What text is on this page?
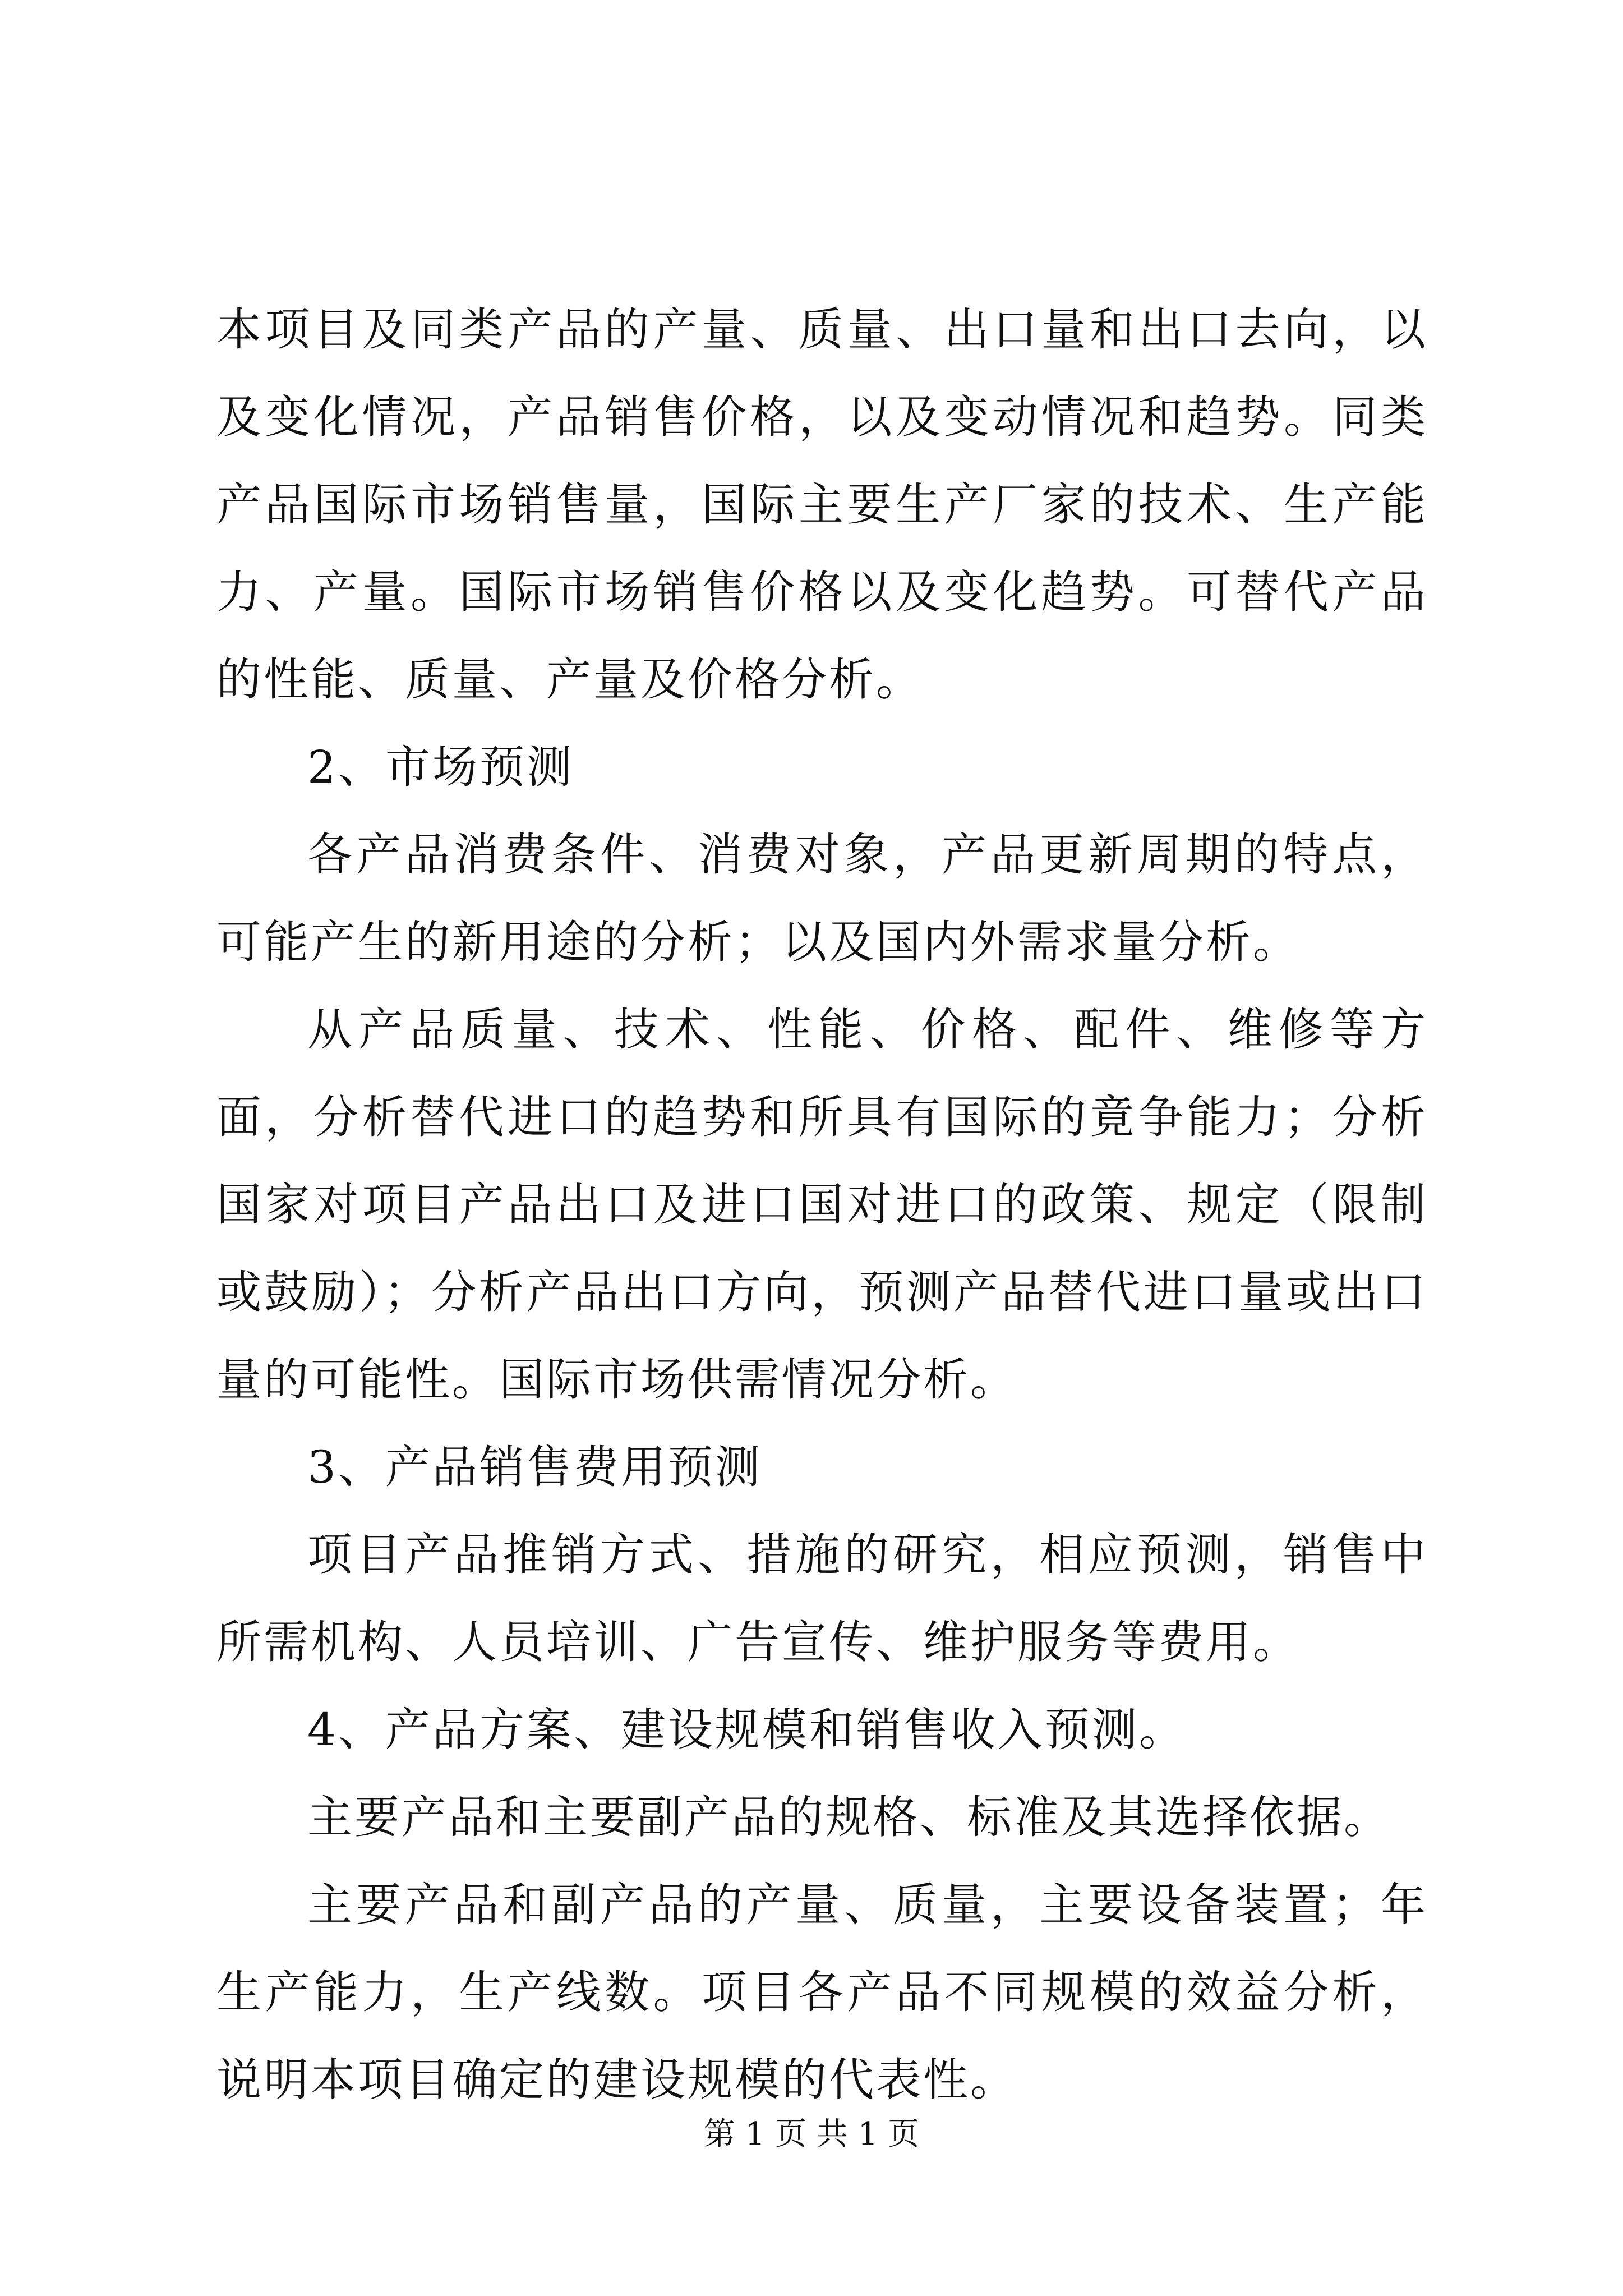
本项目及同类产品的产量、质量、出口量和出口去向，以及变化情况，产品销售价格，以及变动情况和趋势。同类产品国际市场销售量，国际主要生产厂家的技术、生产能力、产量。国际市场销售价格以及变化趋势。可替代产品的性能、质量、产量及价格分析。

2、市场预测

各产品消费条件、消费对象，产品更新周期的特点，可能产生的新用途的分析；以及国内外需求量分析。

从产品质量、技术、性能、价格、配件、维修等方面，分析替代进口的趋势和所具有国际的竟争能力；分析国家对项目产品出口及进口国对进口的政策、规定（限制或鼓励）；分析产品出口方向，预测产品替代进口量或出口量的可能性。国际市场供需情况分析。

3、产品销售费用预测

项目产品推销方式、措施的研究，相应预测，销售中所需机构、人员培训、广告宣传、维护服务等费用。

4、产品方案、建设规模和销售收入预测。

主要产品和主要副产品的规格、标准及其选择依据。

主要产品和副产品的产量、质量，主要设备装置；年生产能力，生产线数。项目各产品不同规模的效益分析，说明本项目确定的建设规模的代表性。

第 1 页 共 1 页
